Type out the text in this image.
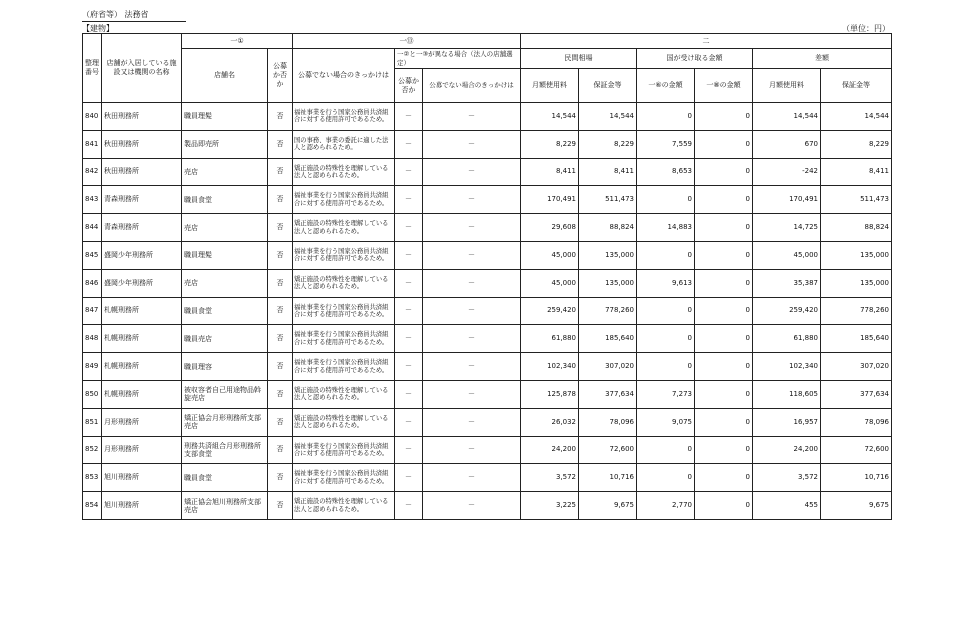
（府省等） 法務省
【建物】	（単位：円）
整理番号	店舗が入居している施設又は機関の名称	一①		一⑬			二					
		店舗名	公募か否か	公募でない場合のきっかけは	一②と一③が異なる場合（法人の店舗選定）		民間相場		国が受け取る金額		差額	
					公募か否か	公募でない場合のきっかけは	月額使用料	保証金等	一⑥の金額	一⑧の金額	月額使用料	保証金等
840	秋田刑務所	職員理髪	否	福祉事業を行う国家公務員共済組合に対する使用許可であるため。	－	－	14,544	14,544	0	0	14,544	14,544
841	秋田刑務所	製品即売所	否	国の事務、事業の委託に適した法人と認められるため。	－	－	8,229	8,229	7,559	0	670	8,229
842	秋田刑務所	売店	否	矯正施設の特殊性を理解している法人と認められるため。	－	－	8,411	8,411	8,653	0	-242	8,411
843	青森刑務所	職員食堂	否	福祉事業を行う国家公務員共済組合に対する使用許可であるため。	－	－	170,491	511,473	0	0	170,491	511,473
844	青森刑務所	売店	否	矯正施設の特殊性を理解している法人と認められるため。	－	－	29,608	88,824	14,883	0	14,725	88,824
845	盛岡少年刑務所	職員理髪	否	福祉事業を行う国家公務員共済組合に対する使用許可であるため。	－	－	45,000	135,000	0	0	45,000	135,000
846	盛岡少年刑務所	売店	否	矯正施設の特殊性を理解している法人と認められるため。	－	－	45,000	135,000	9,613	0	35,387	135,000
847	札幌刑務所	職員食堂	否	福祉事業を行う国家公務員共済組合に対する使用許可であるため。	－	－	259,420	778,260	0	0	259,420	778,260
848	札幌刑務所	職員売店	否	福祉事業を行う国家公務員共済組合に対する使用許可であるため。	－	－	61,880	185,640	0	0	61,880	185,640
849	札幌刑務所	職員理容	否	福祉事業を行う国家公務員共済組合に対する使用許可であるため。	－	－	102,340	307,020	0	0	102,340	307,020
850	札幌刑務所	被収容者自己用途物品斡旋売店	否	矯正施設の特殊性を理解している法人と認められるため。	－	－	125,878	377,634	7,273	0	118,605	377,634
851	月形刑務所	矯正協会月形刑務所支部売店	否	矯正施設の特殊性を理解している法人と認められるため。	－	－	26,032	78,096	9,075	0	16,957	78,096
852	月形刑務所	刑務共済組合月形刑務所支部食堂	否	福祉事業を行う国家公務員共済組合に対する使用許可であるため。	－	－	24,200	72,600	0	0	24,200	72,600
853	旭川刑務所	職員食堂	否	福祉事業を行う国家公務員共済組合に対する使用許可であるため。	－	－	3,572	10,716	0	0	3,572	10,716
854	旭川刑務所	矯正協会旭川刑務所支部売店	否	矯正施設の特殊性を理解している法人と認められるため。	－	－	3,225	9,675	2,770	0	455	9,675
